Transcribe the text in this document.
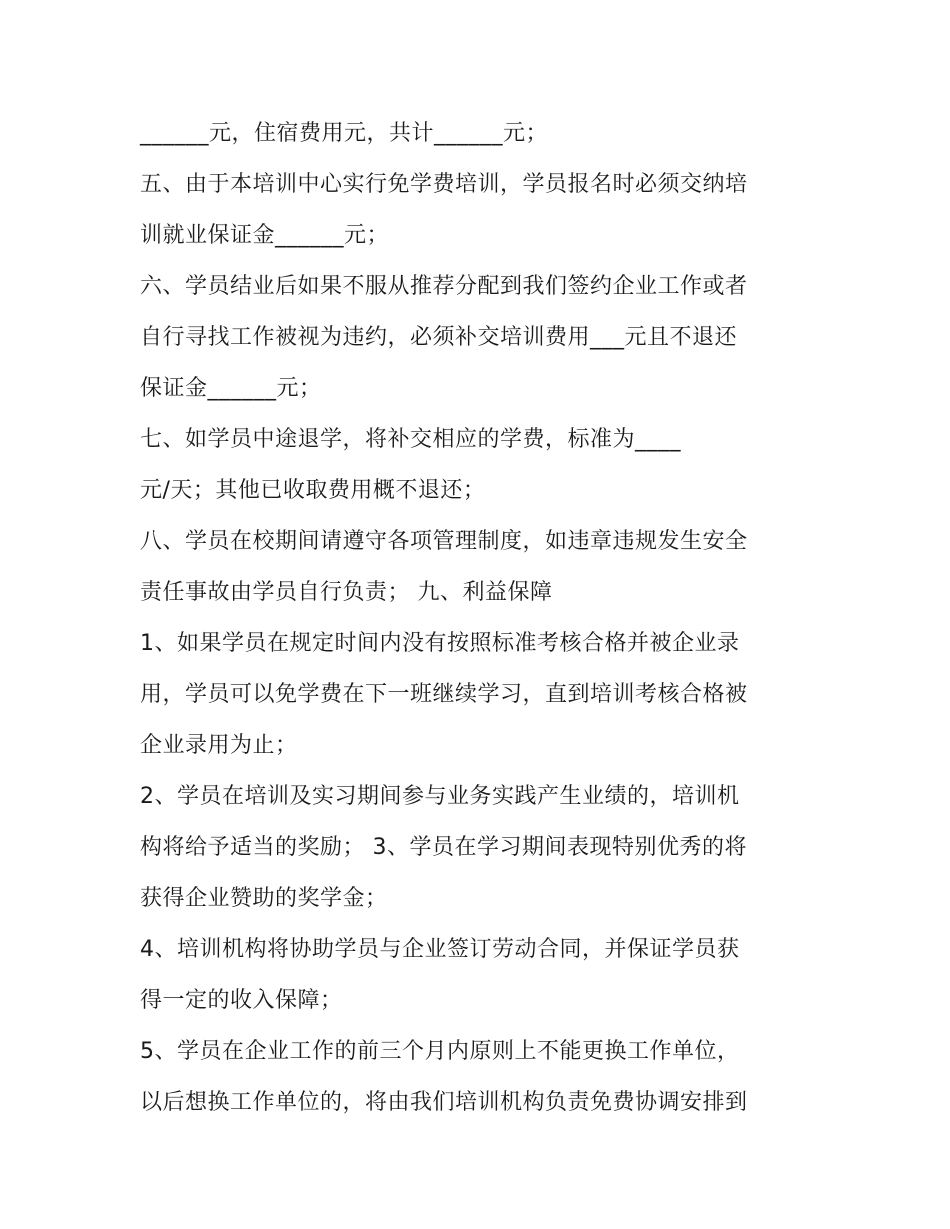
______元，住宿费用元，共计______元；
五、由于本培训中心实行免学费培训，学员报名时必须交纳培
训就业保证金______元；
六、学员结业后如果不服从推荐分配到我们签约企业工作或者
自行寻找工作被视为违约，必须补交培训费用___元且不退还
保证金______元；
七、如学员中途退学，将补交相应的学费，标准为____
元/天；其他已收取费用概不退还；
八、学员在校期间请遵守各项管理制度，如违章违规发生安全
责任事故由学员自行负责； 九、利益保障
1、如果学员在规定时间内没有按照标准考核合格并被企业录
用，学员可以免学费在下一班继续学习，直到培训考核合格被
企业录用为止；
2、学员在培训及实习期间参与业务实践产生业绩的，培训机
构将给予适当的奖励； 3、学员在学习期间表现特别优秀的将
获得企业赞助的奖学金；
4、培训机构将协助学员与企业签订劳动合同，并保证学员获
得一定的收入保障；
5、学员在企业工作的前三个月内原则上不能更换工作单位，
以后想换工作单位的，将由我们培训机构负责免费协调安排到
